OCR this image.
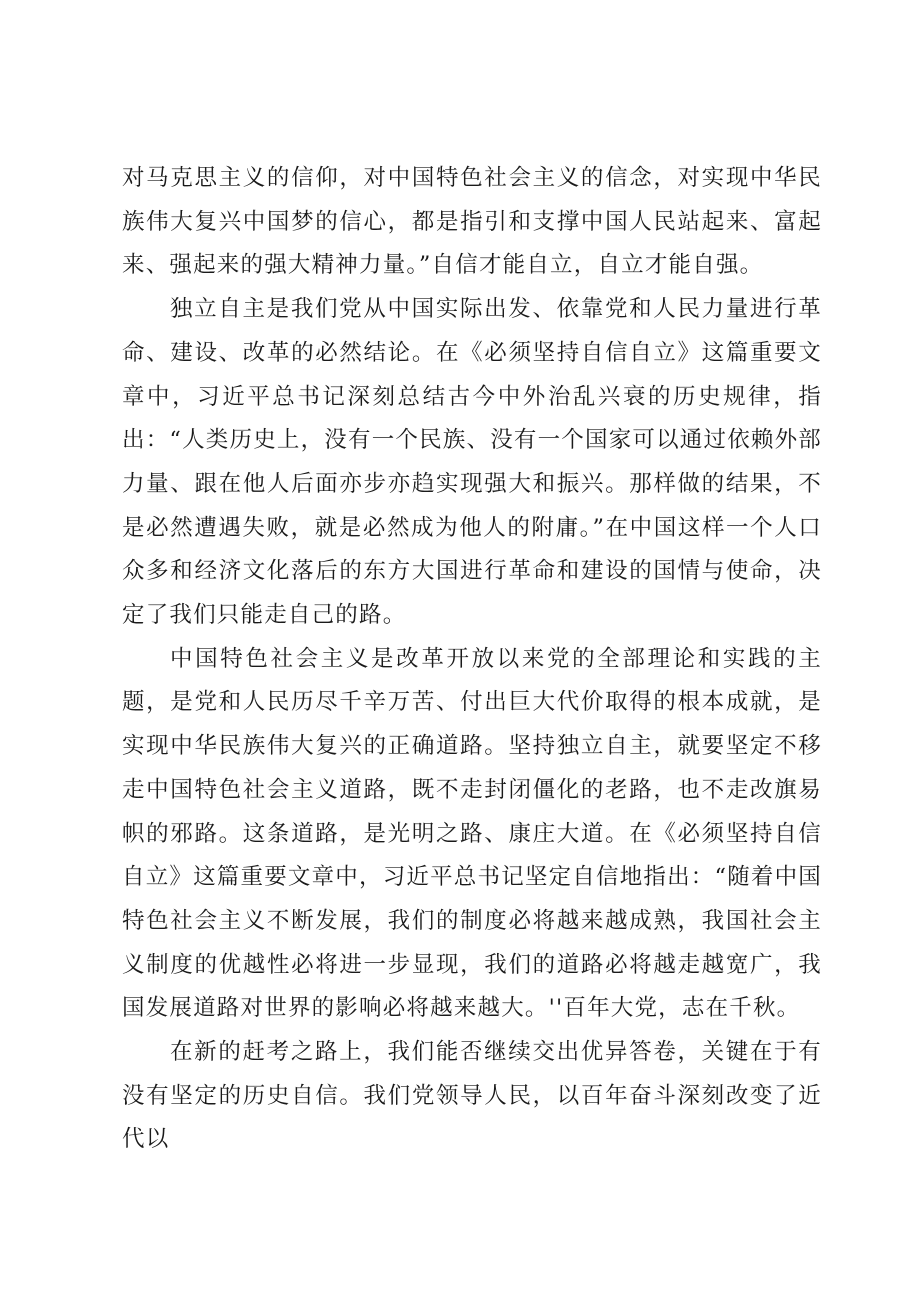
对马克思主义的信仰，对中国特色社会主义的信念，对实现中华民族伟大复兴中国梦的信心，都是指引和支撑中国人民站起来、富起来、强起来的强大精神力量。”自信才能自立，自立才能自强。

独立自主是我们党从中国实际出发、依靠党和人民力量进行革命、建设、改革的必然结论。在《必须坚持自信自立》这篇重要文章中，习近平总书记深刻总结古今中外治乱兴衰的历史规律，指出：“人类历史上，没有一个民族、没有一个国家可以通过依赖外部力量、跟在他人后面亦步亦趋实现强大和振兴。那样做的结果，不是必然遭遇失败，就是必然成为他人的附庸。”在中国这样一个人口众多和经济文化落后的东方大国进行革命和建设的国情与使命，决定了我们只能走自己的路。

中国特色社会主义是改革开放以来党的全部理论和实践的主题，是党和人民历尽千辛万苦、付出巨大代价取得的根本成就，是实现中华民族伟大复兴的正确道路。坚持独立自主，就要坚定不移走中国特色社会主义道路，既不走封闭僵化的老路，也不走改旗易帜的邪路。这条道路，是光明之路、康庄大道。在《必须坚持自信自立》这篇重要文章中，习近平总书记坚定自信地指出：“随着中国特色社会主义不断发展，我们的制度必将越来越成熟，我国社会主义制度的优越性必将进一步显现，我们的道路必将越走越宽广，我国发展道路对世界的影响必将越来越大。''百年大党，志在千秋。

在新的赶考之路上，我们能否继续交出优异答卷，关键在于有没有坚定的历史自信。我们党领导人民，以百年奋斗深刻改变了近代以
